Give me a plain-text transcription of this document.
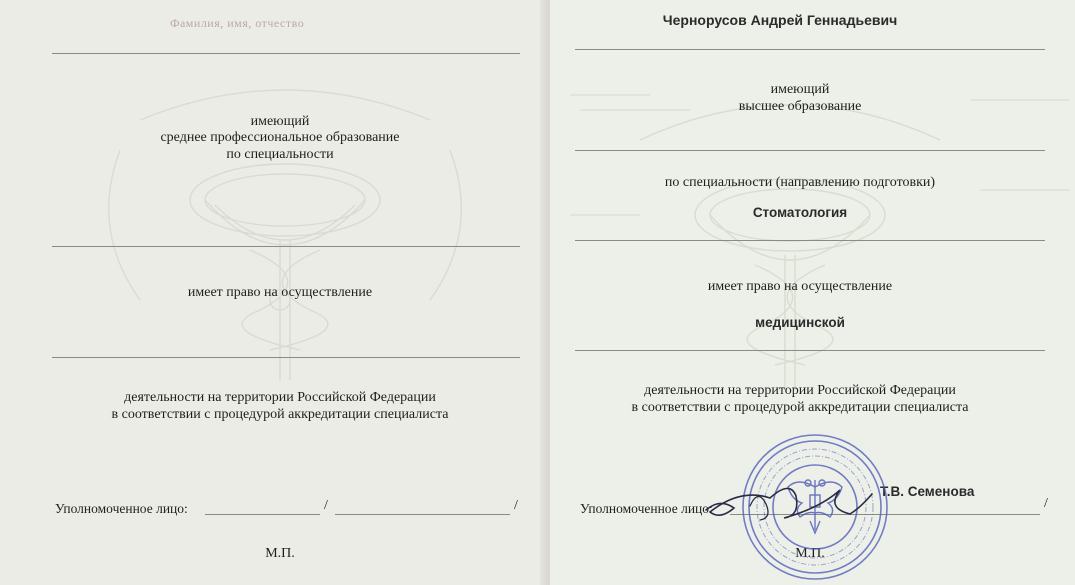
Фамилия, имя, отчество
имеющий
среднее профессиональное образование
по специальности
имеет право на осуществление
деятельности на территории Российской Федерации
в соответствии с процедурой аккредитации специалиста
Уполномоченное лицо:	/	/
М.П.
Чернорусов Андрей Геннадьевич
имеющий
высшее образование
по специальности (направлению подготовки)
Стоматология
имеет право на осуществление
медицинской
деятельности на территории Российской Федерации
в соответствии с процедурой аккредитации специалиста
Уполномоченное лицо:
Т.В. Семенова
/
М.П.
